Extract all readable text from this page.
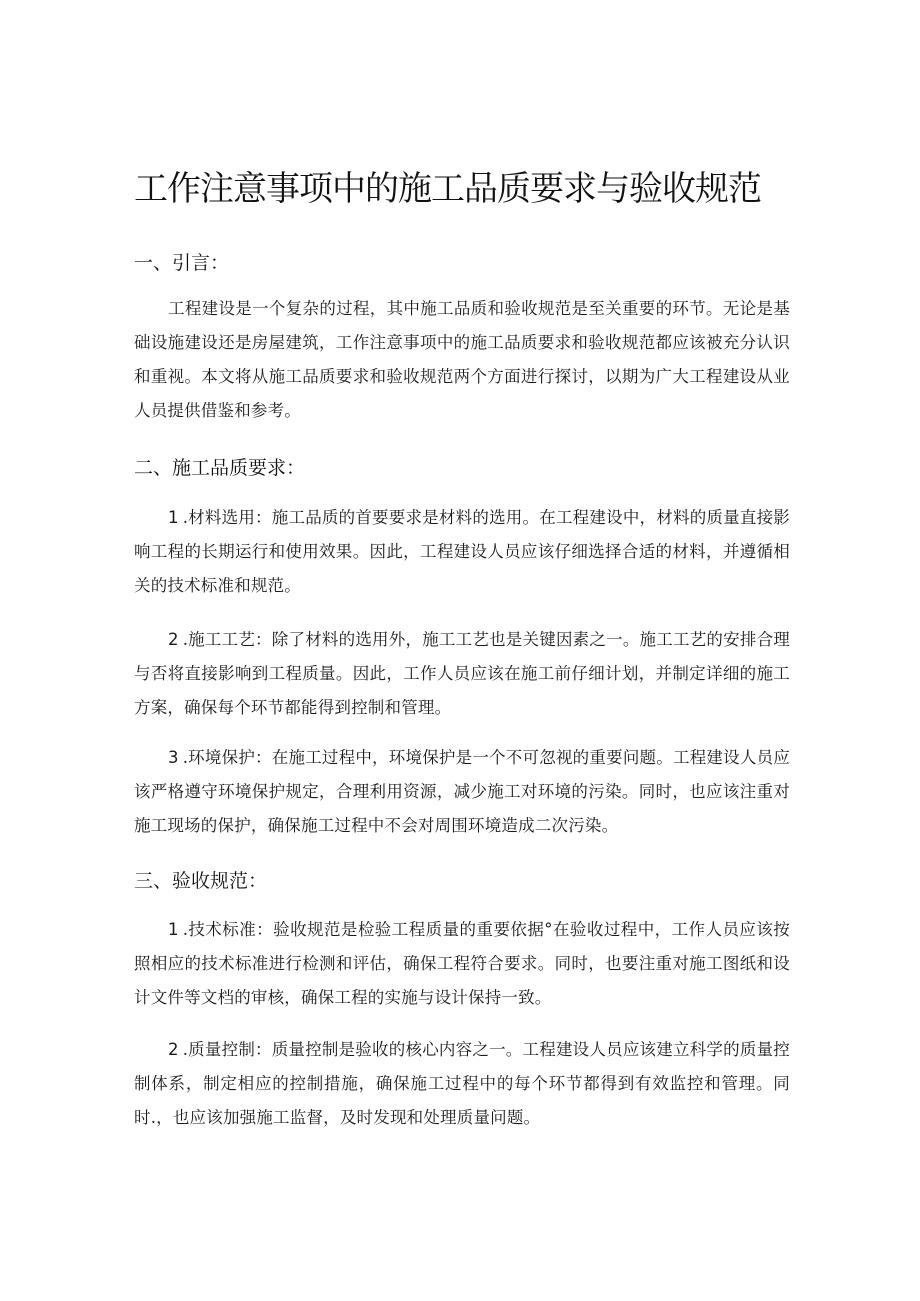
工作注意事项中的施工品质要求与验收规范
一、引言：

工程建设是一个复杂的过程，其中施工品质和验收规范是至关重要的环节。无论是基础设施建设还是房屋建筑，工作注意事项中的施工品质要求和验收规范都应该被充分认识和重视。本文将从施工品质要求和验收规范两个方面进行探讨，以期为广大工程建设从业人员提供借鉴和参考。

二、施工品质要求：

1 .材料选用：施工品质的首要要求是材料的选用。在工程建设中，材料的质量直接影响工程的长期运行和使用效果。因此，工程建设人员应该仔细选择合适的材料，并遵循相关的技术标准和规范。

2 .施工工艺：除了材料的选用外，施工工艺也是关键因素之一。施工工艺的安排合理与否将直接影响到工程质量。因此，工作人员应该在施工前仔细计划，并制定详细的施工方案，确保每个环节都能得到控制和管理。

3 .环境保护：在施工过程中，环境保护是一个不可忽视的重要问题。工程建设人员应该严格遵守环境保护规定，合理利用资源，减少施工对环境的污染。同时，也应该注重对施工现场的保护，确保施工过程中不会对周围环境造成二次污染。

三、验收规范：

1 .技术标准：验收规范是检验工程质量的重要依据°在验收过程中，工作人员应该按照相应的技术标准进行检测和评估，确保工程符合要求。同时，也要注重对施工图纸和设计文件等文档的审核，确保工程的实施与设计保持一致。

2 .质量控制：质量控制是验收的核心内容之一。工程建设人员应该建立科学的质量控制体系，制定相应的控制措施，确保施工过程中的每个环节都得到有效监控和管理。同时.，也应该加强施工监督，及时发现和处理质量问题。
